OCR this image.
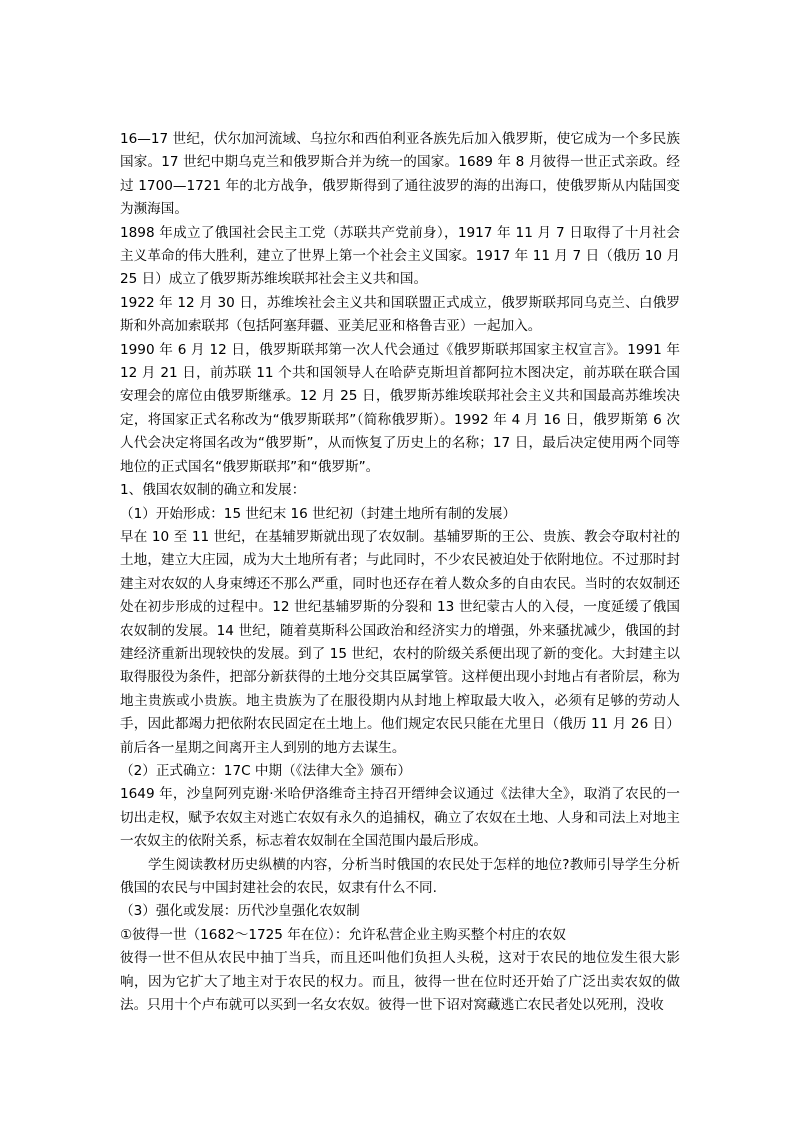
16—17 世纪，伏尔加河流域、乌拉尔和西伯利亚各族先后加入俄罗斯，使它成为一个多民族国家。17 世纪中期乌克兰和俄罗斯合并为统一的国家。1689 年 8 月彼得一世正式亲政。经过 1700—1721 年的北方战争，俄罗斯得到了通往波罗的海的出海口，使俄罗斯从内陆国变为濒海国。

1898 年成立了俄国社会民主工党（苏联共产党前身），1917 年 11 月 7 日取得了十月社会主义革命的伟大胜利，建立了世界上第一个社会主义国家。1917 年 11 月 7 日（俄历 10 月 25 日）成立了俄罗斯苏维埃联邦社会主义共和国。

1922 年 12 月 30 日，苏维埃社会主义共和国联盟正式成立，俄罗斯联邦同乌克兰、白俄罗斯和外高加索联邦（包括阿塞拜疆、亚美尼亚和格鲁吉亚）一起加入。

1990 年 6 月 12 日，俄罗斯联邦第一次人代会通过《俄罗斯联邦国家主权宣言》。1991 年 12 月 21 日，前苏联 11 个共和国领导人在哈萨克斯坦首都阿拉木图决定，前苏联在联合国安理会的席位由俄罗斯继承。12 月 25 日，俄罗斯苏维埃联邦社会主义共和国最高苏维埃决定，将国家正式名称改为“俄罗斯联邦”（简称俄罗斯）。1992 年 4 月 16 日，俄罗斯第 6 次人代会决定将国名改为“俄罗斯”，从而恢复了历史上的名称；17 日，最后决定使用两个同等地位的正式国名“俄罗斯联邦”和“俄罗斯”。

1、俄国农奴制的确立和发展：

（1）开始形成：15 世纪末 16 世纪初（封建土地所有制的发展）

早在 10 至 11 世纪，在基辅罗斯就出现了农奴制。基辅罗斯的王公、贵族、教会夺取村社的土地，建立大庄园，成为大土地所有者；与此同时，不少农民被迫处于依附地位。不过那时封建主对农奴的人身束缚还不那么严重，同时也还存在着人数众多的自由农民。当时的农奴制还处在初步形成的过程中。12 世纪基辅罗斯的分裂和 13 世纪蒙古人的入侵，一度延缓了俄国农奴制的发展。14 世纪，随着莫斯科公国政治和经济实力的增强，外来骚扰减少，俄国的封建经济重新出现较快的发展。到了 15 世纪，农村的阶级关系便出现了新的变化。大封建主以取得服役为条件，把部分新获得的土地分交其臣属掌管。这样便出现小封地占有者阶层，称为地主贵族或小贵族。地主贵族为了在服役期内从封地上榨取最大收入，必须有足够的劳动人手，因此都竭力把依附农民固定在土地上。他们规定农民只能在尤里日（俄历 11 月 26 日）前后各一星期之间离开主人到别的地方去谋生。

（2）正式确立：17C 中期（《法律大全》颁布）

1649 年，沙皇阿列克谢·米哈伊洛维奇主持召开缙绅会议通过《法律大全》，取消了农民的一切出走权，赋予农奴主对逃亡农奴有永久的追捕权，确立了农奴在土地、人身和司法上对地主一农奴主的依附关系，标志着农奴制在全国范围内最后形成。

学生阅读教材历史纵横的内容，分析当时俄国的农民处于怎样的地位?教师引导学生分析俄国的农民与中国封建社会的农民，奴隶有什么不同.

（3）强化或发展：历代沙皇强化农奴制

①彼得一世（1682～1725 年在位）：允许私营企业主购买整个村庄的农奴

彼得一世不但从农民中抽丁当兵，而且还叫他们负担人头税，这对于农民的地位发生很大影响，因为它扩大了地主对于农民的权力。而且，彼得一世在位时还开始了广泛出卖农奴的做法。只用十个卢布就可以买到一名女农奴。彼得一世下诏对窝藏逃亡农民者处以死刑，没收
